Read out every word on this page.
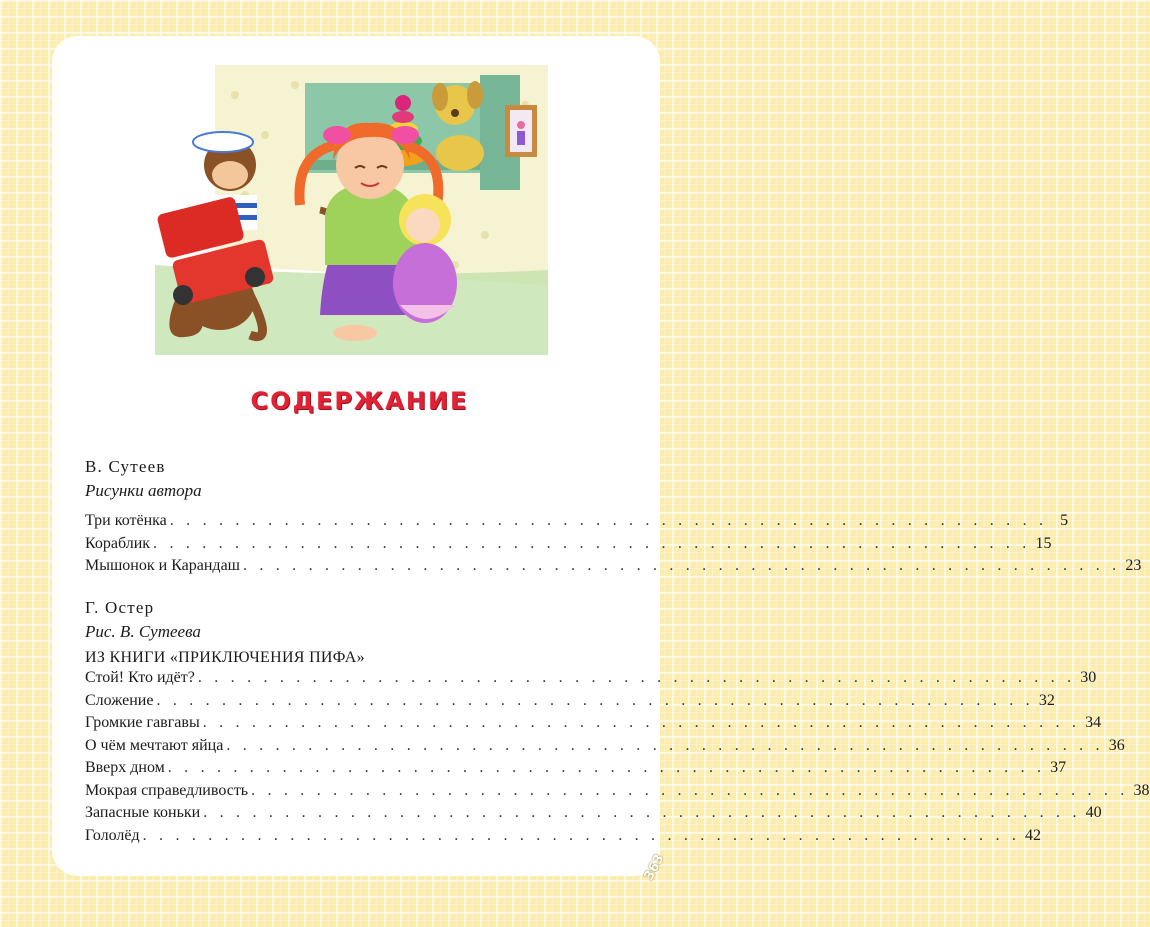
СОДЕРЖАНИЕ
В. Сутеев
Рисунки автора
Три котёнка . . . . . . . . . . . . . . . . . . . . . . . . . . . . . . . . . . . . . . . . . . . . . . . . . . . . . . 5
Кораблик . . . . . . . . . . . . . . . . . . . . . . . . . . . . . . . . . . . . . . . . . . . . . . . . . . . . . . 15
Мышонок и Карандаш . . . . . . . . . . . . . . . . . . . . . . . . . . . . . . . . . . . . . . . . . . . . . . . . . . . . . . 23
Г. Остер
Рис. В. Сутеева
ИЗ КНИГИ «ПРИКЛЮЧЕНИЯ ПИФА»
Стой! Кто идёт? . . . . . . . . . . . . . . . . . . . . . . . . . . . . . . . . . . . . . . . . . . . . . . . . . . . . . . 30
Сложение . . . . . . . . . . . . . . . . . . . . . . . . . . . . . . . . . . . . . . . . . . . . . . . . . . . . . . 32
Громкие гавгавы . . . . . . . . . . . . . . . . . . . . . . . . . . . . . . . . . . . . . . . . . . . . . . . . . . . . . . 34
О чём мечтают яйца . . . . . . . . . . . . . . . . . . . . . . . . . . . . . . . . . . . . . . . . . . . . . . . . . . . . . . 36
Вверх дном . . . . . . . . . . . . . . . . . . . . . . . . . . . . . . . . . . . . . . . . . . . . . . . . . . . . . . 37
Мокрая справедливость . . . . . . . . . . . . . . . . . . . . . . . . . . . . . . . . . . . . . . . . . . . . . . . . . . . . . . 38
Запасные коньки . . . . . . . . . . . . . . . . . . . . . . . . . . . . . . . . . . . . . . . . . . . . . . . . . . . . . . 40
Гололёд . . . . . . . . . . . . . . . . . . . . . . . . . . . . . . . . . . . . . . . . . . . . . . . . . . . . . . 42
363
